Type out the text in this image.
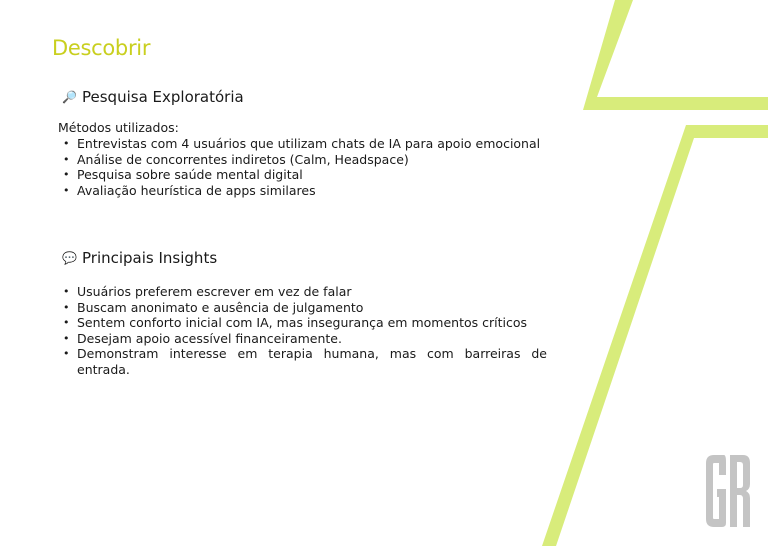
Descobrir
🔎 Pesquisa Exploratória

Métodos utilizados:

• Entrevistas com 4 usuários que utilizam chats de IA para apoio emocional
• Análise de concorrentes indiretos (Calm, Headspace)
• Pesquisa sobre saúde mental digital
• Avaliação heurística de apps similares
💬 Principais Insights
• Usuários preferem escrever em vez de falar
• Buscam anonimato e ausência de julgamento
• Sentem conforto inicial com IA, mas insegurança em momentos críticos
• Desejam apoio acessível financeiramente.
• Demonstram interesse em terapia humana, mas com barreiras de entrada.
